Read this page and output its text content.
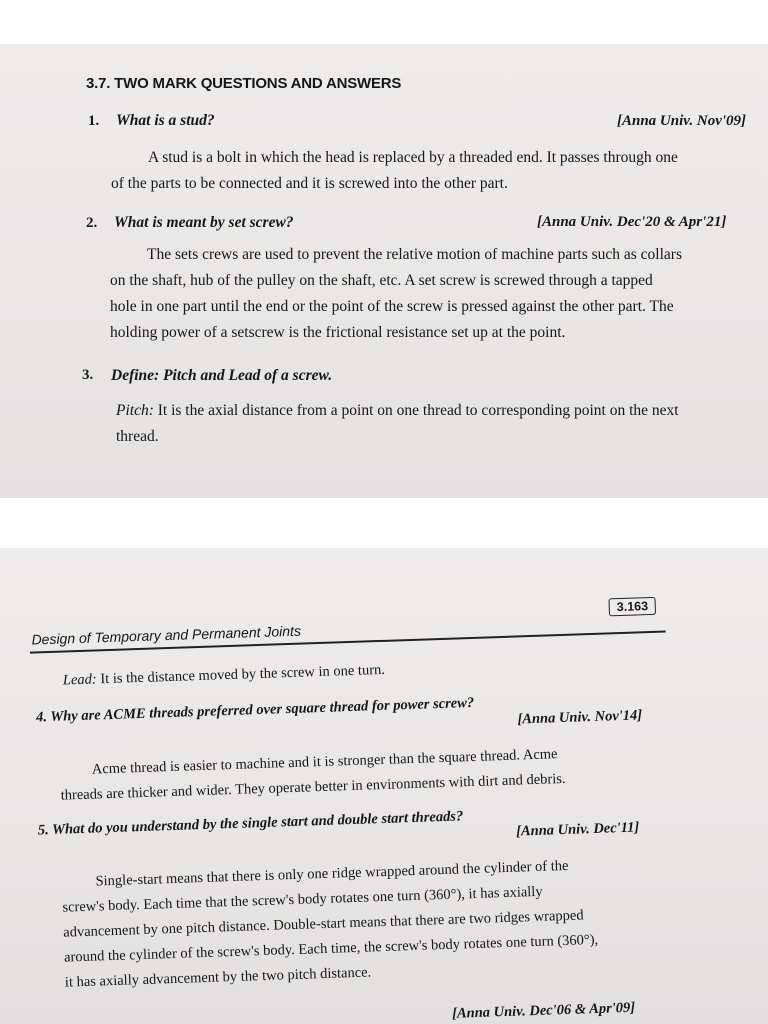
3.7. TWO MARK QUESTIONS AND ANSWERS
1. What is a stud?	[Anna Univ. Nov'09]
A stud is a bolt in which the head is replaced by a threaded end. It passes through one
of the parts to be connected and it is screwed into the other part.
2. What is meant by set screw?	[Anna Univ. Dec'20 & Apr'21]
The sets crews are used to prevent the relative motion of machine parts such as collars
on the shaft, hub of the pulley on the shaft, etc. A set screw is screwed through a tapped
hole in one part until the end or the point of the screw is pressed against the other part. The
holding power of a setscrew is the frictional resistance set up at the point.
3. Define: Pitch and Lead of a screw.
Pitch: It is the axial distance from a point on one thread to corresponding point on the next
thread.
3.163
Design of Temporary and Permanent Joints
Lead: It is the distance moved by the screw in one turn.
4. Why are ACME threads preferred over square thread for power screw?	[Anna Univ. Nov'14]
Acme thread is easier to machine and it is stronger than the square thread. Acme
threads are thicker and wider. They operate better in environments with dirt and debris.
5. What do you understand by the single start and double start threads?	[Anna Univ. Dec'11]
Single-start means that there is only one ridge wrapped around the cylinder of the
screw's body. Each time that the screw's body rotates one turn (360°), it has axially
advancement by one pitch distance. Double-start means that there are two ridges wrapped
around the cylinder of the screw's body. Each time, the screw's body rotates one turn (360°),
it has axially advancement by the two pitch distance.
[Anna Univ. Dec'06 & Apr'09]
